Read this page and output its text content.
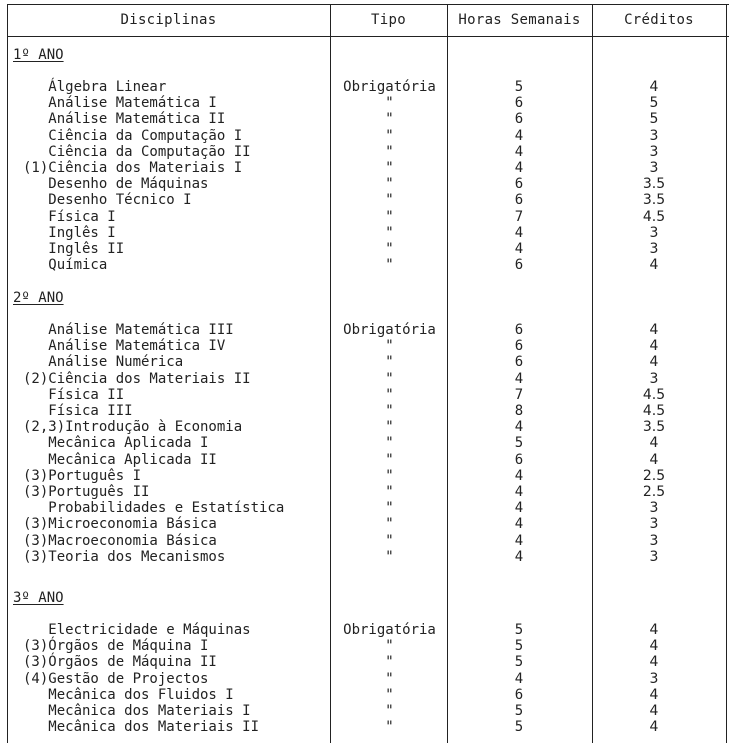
Disciplinas	Tipo	Horas Semanais	Créditos
1º ANO
Álgebra Linear	Obrigatória	5	4
Análise Matemática I	"	6	5
Análise Matemática II	"	6	5
Ciência da Computação I	"	4	3
Ciência da Computação II	"	4	3
(1)Ciência dos Materiais I	"	4	3
Desenho de Máquinas	"	6	3.5
Desenho Técnico I	"	6	3.5
Física I	"	7	4.5
Inglês I	"	4	3
Inglês II	"	4	3
Química	"	6	4
2º ANO
Análise Matemática III	Obrigatória	6	4
Análise Matemática IV	"	6	4
Análise Numérica	"	6	4
(2)Ciência dos Materiais II	"	4	3
Física II	"	7	4.5
Física III	"	8	4.5
(2,3)Introdução à Economia	"	4	3.5
Mecânica Aplicada I	"	5	4
Mecânica Aplicada II	"	6	4
(3)Português I	"	4	2.5
(3)Português II	"	4	2.5
Probabilidades e Estatística	"	4	3
(3)Microeconomia Básica	"	4	3
(3)Macroeconomia Básica	"	4	3
(3)Teoria dos Mecanismos	"	4	3
3º ANO
Electricidade e Máquinas	Obrigatória	5	4
(3)Órgãos de Máquina I	"	5	4
(3)Órgãos de Máquina II	"	5	4
(4)Gestão de Projectos	"	4	3
Mecânica dos Fluidos I	"	6	4
Mecânica dos Materiais I	"	5	4
Mecânica dos Materiais II	"	5	4
